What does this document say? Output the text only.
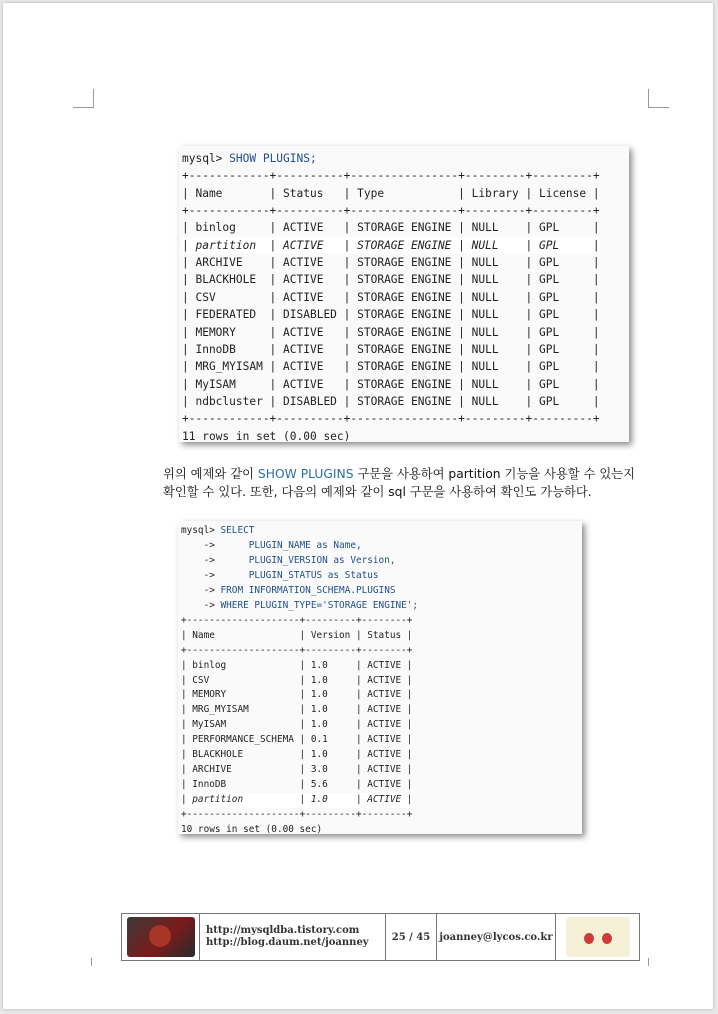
mysql> SHOW PLUGINS;
+------------+----------+----------------+---------+---------+
| Name       | Status   | Type           | Library | License |
+------------+----------+----------------+---------+---------+
| binlog     | ACTIVE   | STORAGE ENGINE | NULL    | GPL     |
| partition  | ACTIVE   | STORAGE ENGINE | NULL    | GPL     |
| ARCHIVE    | ACTIVE   | STORAGE ENGINE | NULL    | GPL     |
| BLACKHOLE  | ACTIVE   | STORAGE ENGINE | NULL    | GPL     |
| CSV        | ACTIVE   | STORAGE ENGINE | NULL    | GPL     |
| FEDERATED  | DISABLED | STORAGE ENGINE | NULL    | GPL     |
| MEMORY     | ACTIVE   | STORAGE ENGINE | NULL    | GPL     |
| InnoDB     | ACTIVE   | STORAGE ENGINE | NULL    | GPL     |
| MRG_MYISAM | ACTIVE   | STORAGE ENGINE | NULL    | GPL     |
| MyISAM     | ACTIVE   | STORAGE ENGINE | NULL    | GPL     |
| ndbcluster | DISABLED | STORAGE ENGINE | NULL    | GPL     |
+------------+----------+----------------+---------+---------+
11 rows in set (0.00 sec)

위의 예제와 같이 SHOW PLUGINS 구문을 사용하여 partition 기능을 사용할 수 있는지

확인할 수 있다. 또한, 다음의 예제와 같이 sql 구문을 사용하여 확인도 가능하다.

mysql> SELECT
->      PLUGIN_NAME as Name,
->      PLUGIN_VERSION as Version,
->      PLUGIN_STATUS as Status
-> FROM INFORMATION_SCHEMA.PLUGINS
-> WHERE PLUGIN_TYPE='STORAGE ENGINE';
+--------------------+---------+--------+
| Name               | Version | Status |
+--------------------+---------+--------+
| binlog             | 1.0     | ACTIVE |
| CSV                | 1.0     | ACTIVE |
| MEMORY             | 1.0     | ACTIVE |
| MRG_MYISAM         | 1.0     | ACTIVE |
| MyISAM             | 1.0     | ACTIVE |
| PERFORMANCE_SCHEMA | 0.1     | ACTIVE |
| BLACKHOLE          | 1.0     | ACTIVE |
| ARCHIVE            | 3.0     | ACTIVE |
| InnoDB             | 5.6     | ACTIVE |
| partition          | 1.0     | ACTIVE |
+--------------------+---------+--------+
10 rows in set (0.00 sec)
http://mysqldba.tistory.com
http://blog.daum.net/joanney	25 / 45 joanney@lycos.co.kr
